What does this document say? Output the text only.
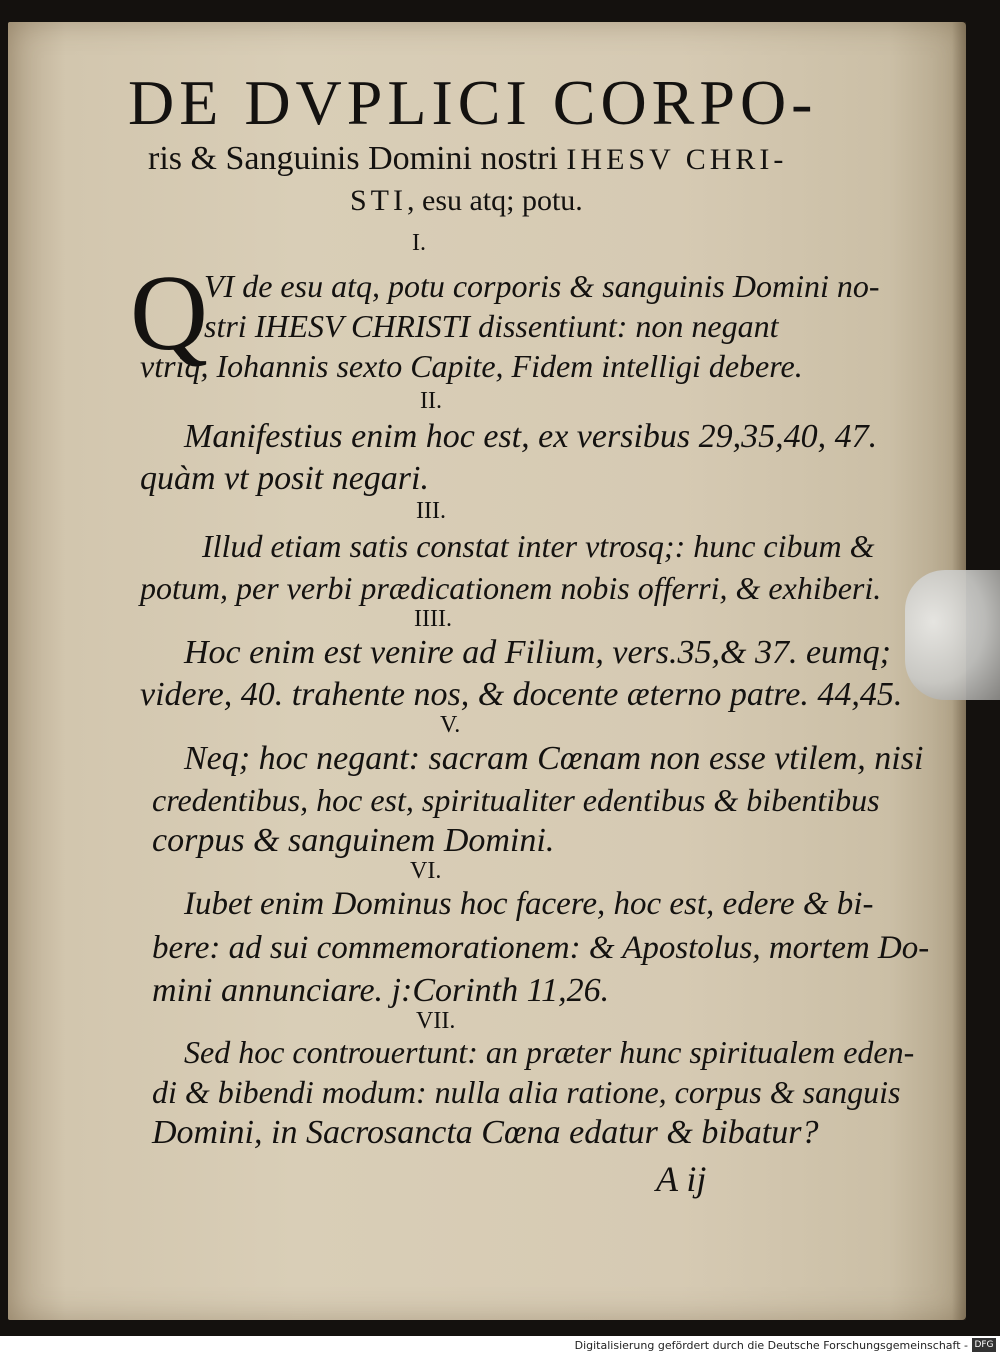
DE DVPLICI CORPO-
ris & Sanguinis Domini nostri IHESV CHRI-
STI, esu atq; potu.
I.
Q
VI de esu atq, potu corporis & sanguinis Domini no-
stri IHESV CHRISTI dissentiunt: non negant
vtriq, Iohannis sexto Capite, Fidem intelligi debere.
II.
Manifestius enim hoc est, ex versibus 29,35,40, 47.
quàm vt posit negari.
III.
Illud etiam satis constat inter vtrosq;: hunc cibum &
potum, per verbi prædicationem nobis offerri, & exhiberi.
IIII.
Hoc enim est venire ad Filium, vers.35,& 37. eumq;
videre, 40. trahente nos, & docente æterno patre. 44,45.
V.
Neq; hoc negant: sacram Cœnam non esse vtilem, nisi
credentibus, hoc est, spiritualiter edentibus & bibentibus
corpus & sanguinem Domini.
VI.
Iubet enim Dominus hoc facere, hoc est, edere & bi-
bere: ad sui commemorationem: & Apostolus, mortem Do-
mini annunciare. j:Corinth 11,26.
VII.
Sed hoc controuertunt: an præter hunc spiritualem eden-
di & bibendi modum: nulla alia ratione, corpus & sanguis
Domini, in Sacrosancta Cœna edatur & bibatur?
A ij
Digitalisierung gefördert durch die Deutsche Forschungsgemeinschaft - DFG
